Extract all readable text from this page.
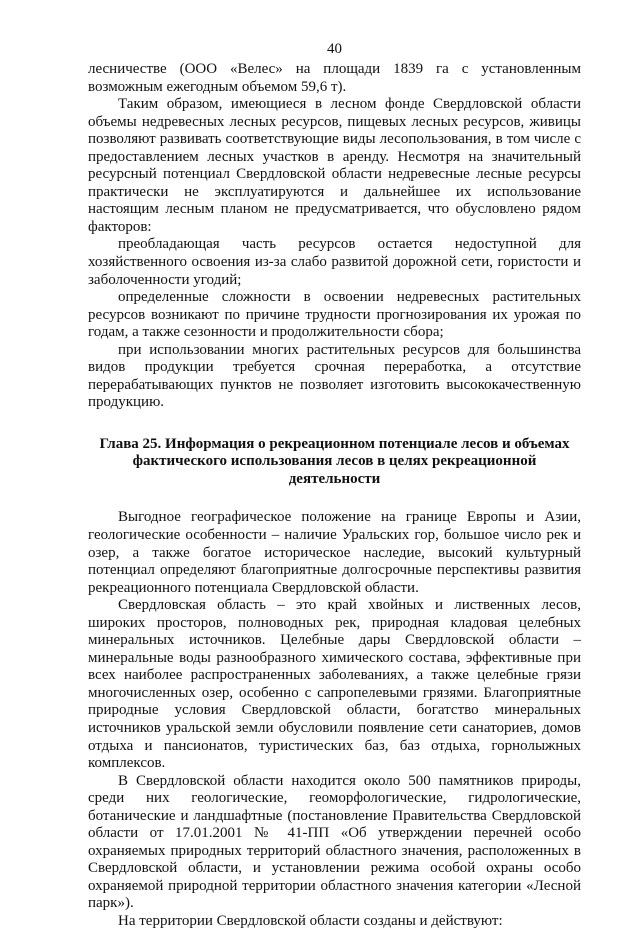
40

лесничестве (ООО «Велес» на площади 1839 га с установленным возможным ежегодным объемом 59,6 т).

Таким образом, имеющиеся в лесном фонде Свердловской области объемы недревесных лесных ресурсов, пищевых лесных ресурсов, живицы позволяют развивать соответствующие виды лесопользования, в том числе с предоставлением лесных участков в аренду. Несмотря на значительный ресурсный потенциал Свердловской области недревесные лесные ресурсы практически не эксплуатируются и дальнейшее их использование настоящим лесным планом не предусматривается, что обусловлено рядом факторов:

преобладающая часть ресурсов остается недоступной для хозяйственного освоения из-за слабо развитой дорожной сети, гористости и заболоченности угодий;

определенные сложности в освоении недревесных растительных ресурсов возникают по причине трудности прогнозирования их урожая по годам, а также сезонности и продолжительности сбора;

при использовании многих растительных ресурсов для большинства видов продукции требуется срочная переработка, а отсутствие перерабатывающих пунктов не позволяет изготовить высококачественную продукцию.

Глава 25. Информация о рекреационном потенциале лесов и объемах фактического использования лесов в целях рекреационной деятельности

Выгодное географическое положение на границе Европы и Азии, геологические особенности – наличие Уральских гор, большое число рек и озер, а также богатое историческое наследие, высокий культурный потенциал определяют благоприятные долгосрочные перспективы развития рекреационного потенциала Свердловской области.

Свердловская область – это край хвойных и лиственных лесов, широких просторов, полноводных рек, природная кладовая целебных минеральных источников. Целебные дары Свердловской области – минеральные воды разнообразного химического состава, эффективные при всех наиболее распространенных заболеваниях, а также целебные грязи многочисленных озер, особенно с сапропелевыми грязями. Благоприятные природные условия Свердловской области, богатство минеральных источников уральской земли обусловили появление сети санаториев, домов отдыха и пансионатов, туристических баз, баз отдыха, горнолыжных комплексов.

В Свердловской области находится около 500 памятников природы, среди них геологические, геоморфологические, гидрологические, ботанические и ландшафтные (постановление Правительства Свердловской области от 17.01.2001 № 41-ПП «Об утверждении перечней особо охраняемых природных территорий областного значения, расположенных в Свердловской области, и установлении режима особой охраны особо охраняемой природной территории областного значения категории «Лесной парк»).

На территории Свердловской области созданы и действуют:
